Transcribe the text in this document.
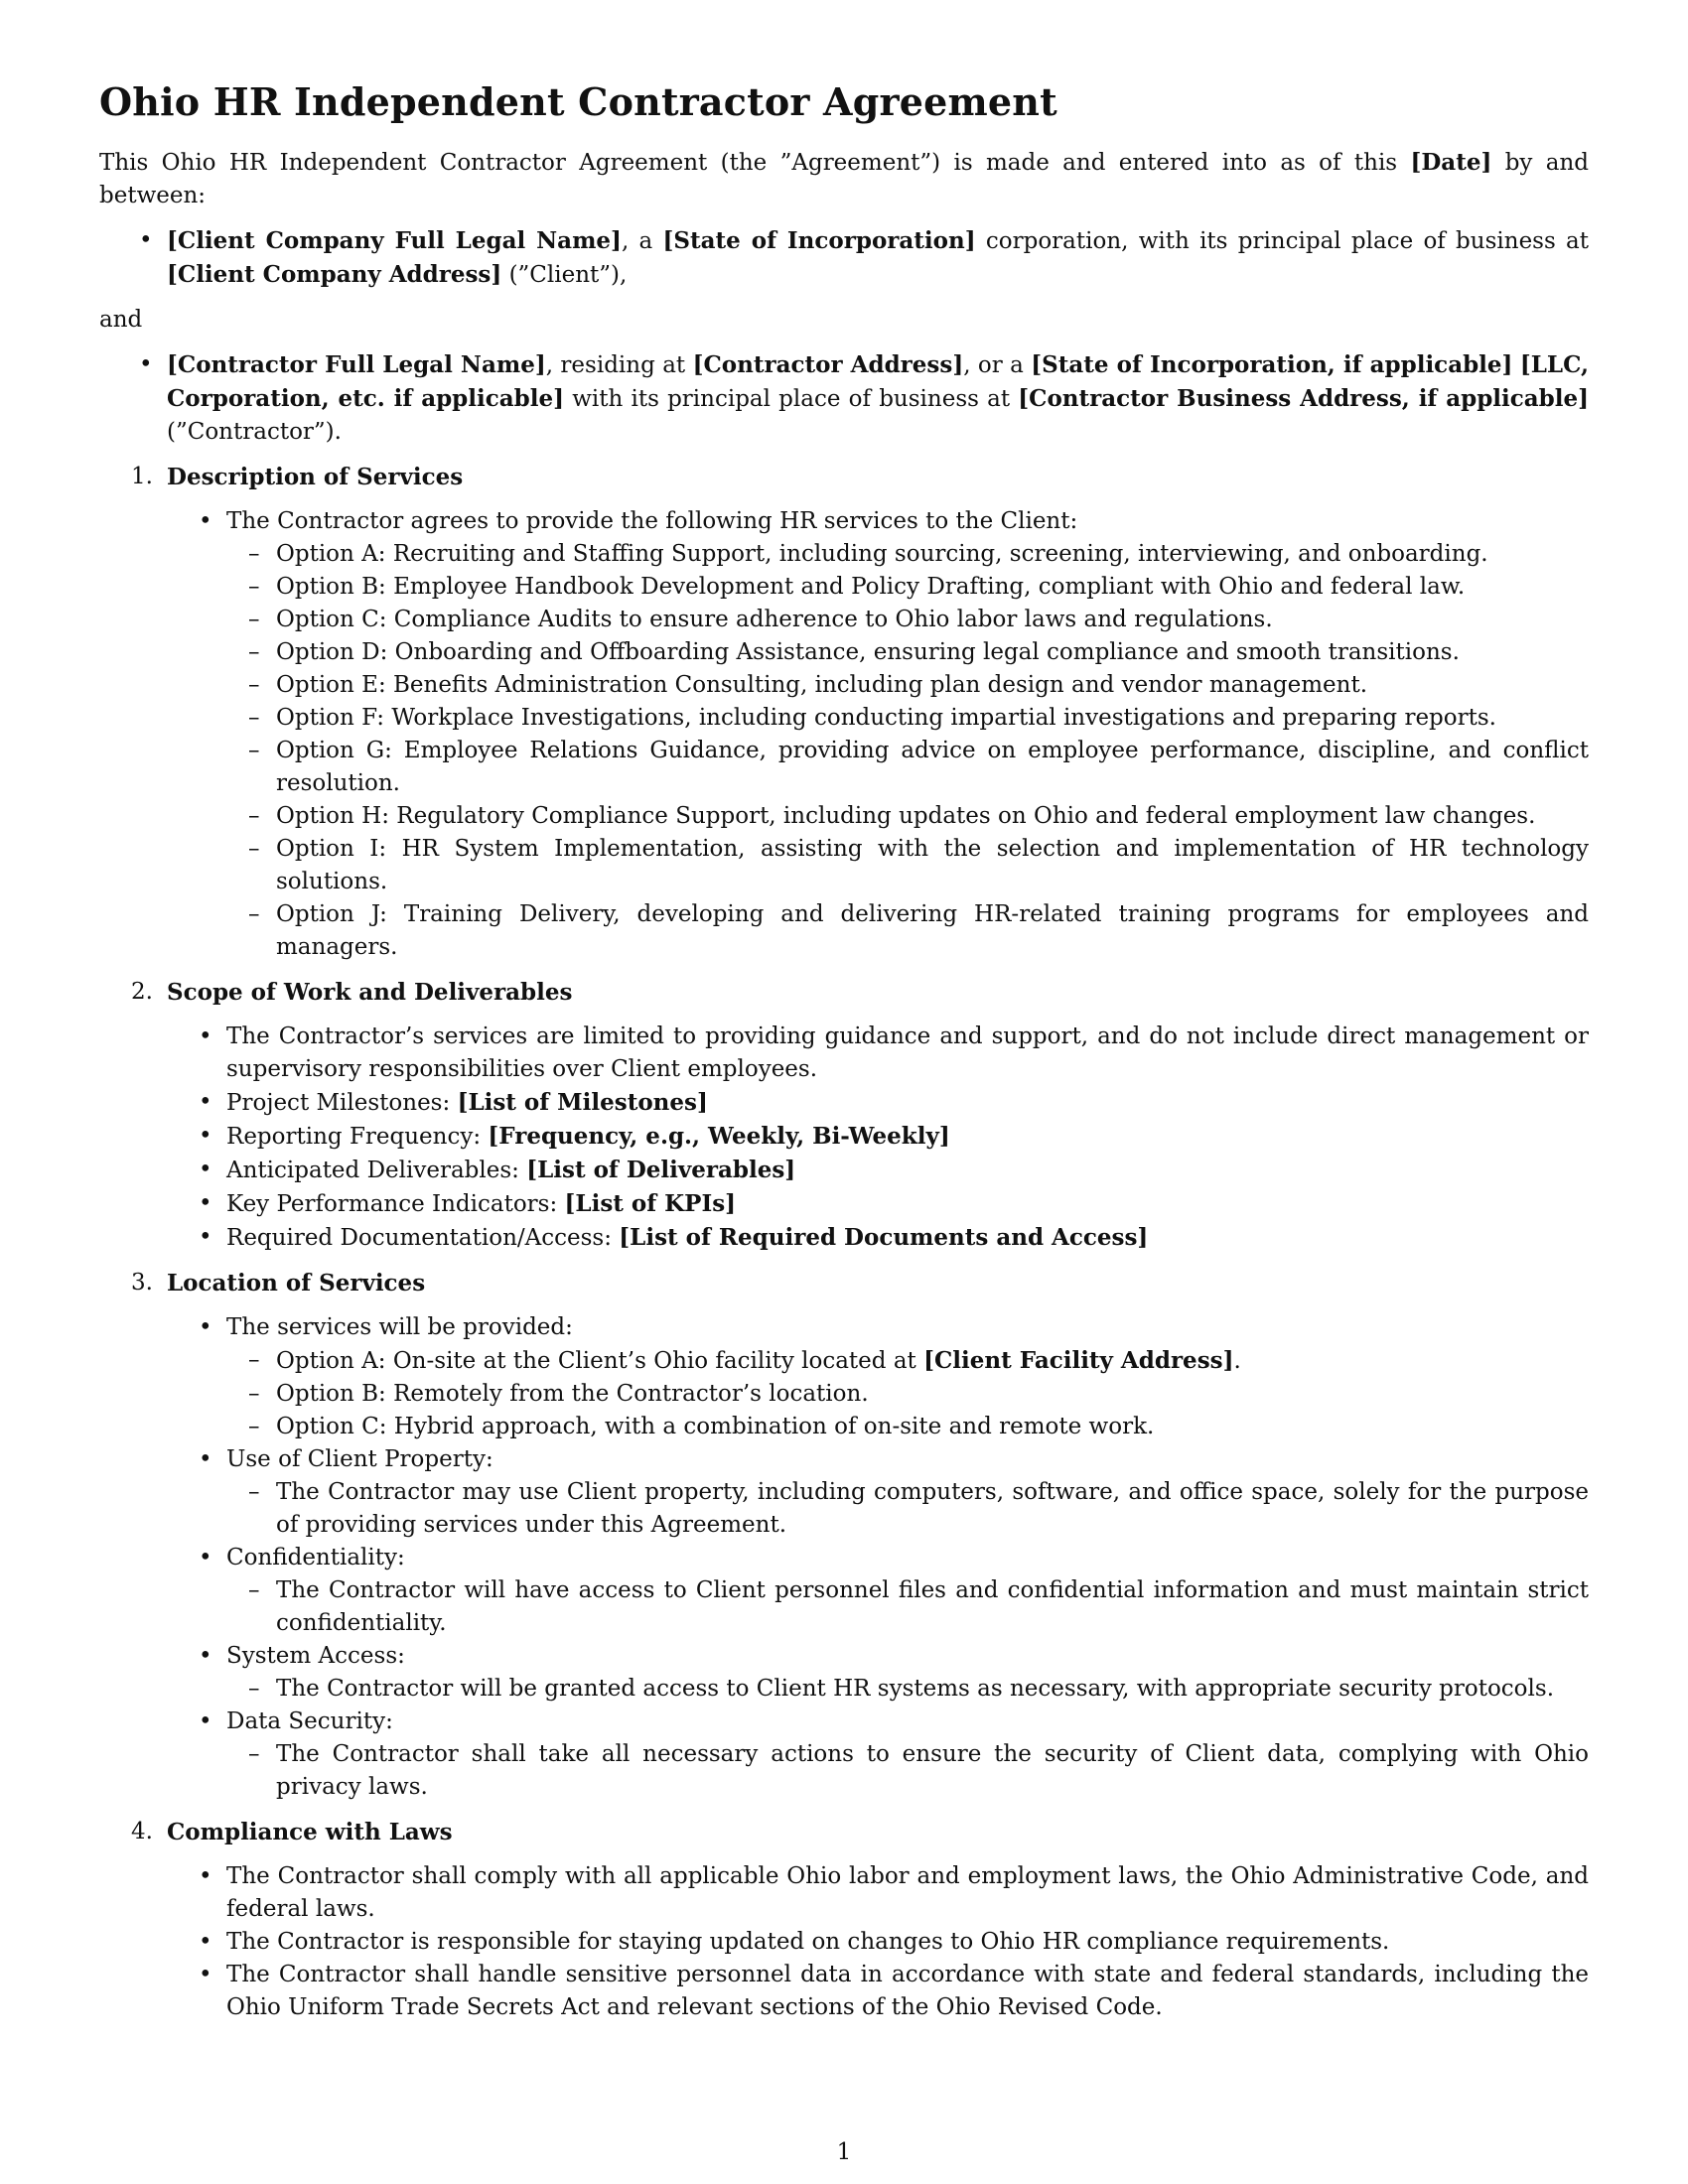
Ohio HR Independent Contractor Agreement

This Ohio HR Independent Contractor Agreement (the ”Agreement”) is made and entered into as of this [Date] by and between:

• [Client Company Full Legal Name], a [State of Incorporation] corporation, with its principal place of business at [Client Company Address] (”Client”),
and
• [Contractor Full Legal Name], residing at [Contractor Address], or a [State of Incorporation, if applicable] [LLC, Corporation, etc. if applicable] with its principal place of business at [Contractor Business Address, if applicable] (”Contractor”).
1. Description of Services
• The Contractor agrees to provide the following HR services to the Client:
– Option A: Recruiting and Staffing Support, including sourcing, screening, interviewing, and onboarding.
– Option B: Employee Handbook Development and Policy Drafting, compliant with Ohio and federal law.
– Option C: Compliance Audits to ensure adherence to Ohio labor laws and regulations.
– Option D: Onboarding and Offboarding Assistance, ensuring legal compliance and smooth transitions.
– Option E: Benefits Administration Consulting, including plan design and vendor management.
– Option F: Workplace Investigations, including conducting impartial investigations and preparing reports.
– Option G: Employee Relations Guidance, providing advice on employee performance, discipline, and conflict resolution.
– Option H: Regulatory Compliance Support, including updates on Ohio and federal employment law changes.
– Option I: HR System Implementation, assisting with the selection and implementation of HR technology solutions.
– Option J: Training Delivery, developing and delivering HR-related training programs for employees and managers.
2. Scope of Work and Deliverables
• The Contractor’s services are limited to providing guidance and support, and do not include direct management or supervisory responsibilities over Client employees.
• Project Milestones: [List of Milestones]
• Reporting Frequency: [Frequency, e.g., Weekly, Bi-Weekly]
• Anticipated Deliverables: [List of Deliverables]
• Key Performance Indicators: [List of KPIs]
• Required Documentation/Access: [List of Required Documents and Access]
3. Location of Services
• The services will be provided:
– Option A: On-site at the Client’s Ohio facility located at [Client Facility Address].
– Option B: Remotely from the Contractor’s location.
– Option C: Hybrid approach, with a combination of on-site and remote work.
• Use of Client Property:
– The Contractor may use Client property, including computers, software, and office space, solely for the purpose of providing services under this Agreement.
• Confidentiality:
– The Contractor will have access to Client personnel files and confidential information and must maintain strict confidentiality.
• System Access:
– The Contractor will be granted access to Client HR systems as necessary, with appropriate security protocols.
• Data Security:
– The Contractor shall take all necessary actions to ensure the security of Client data, complying with Ohio privacy laws.
4. Compliance with Laws
• The Contractor shall comply with all applicable Ohio labor and employment laws, the Ohio Administrative Code, and federal laws.
• The Contractor is responsible for staying updated on changes to Ohio HR compliance requirements.
• The Contractor shall handle sensitive personnel data in accordance with state and federal standards, including the Ohio Uniform Trade Secrets Act and relevant sections of the Ohio Revised Code.
1
